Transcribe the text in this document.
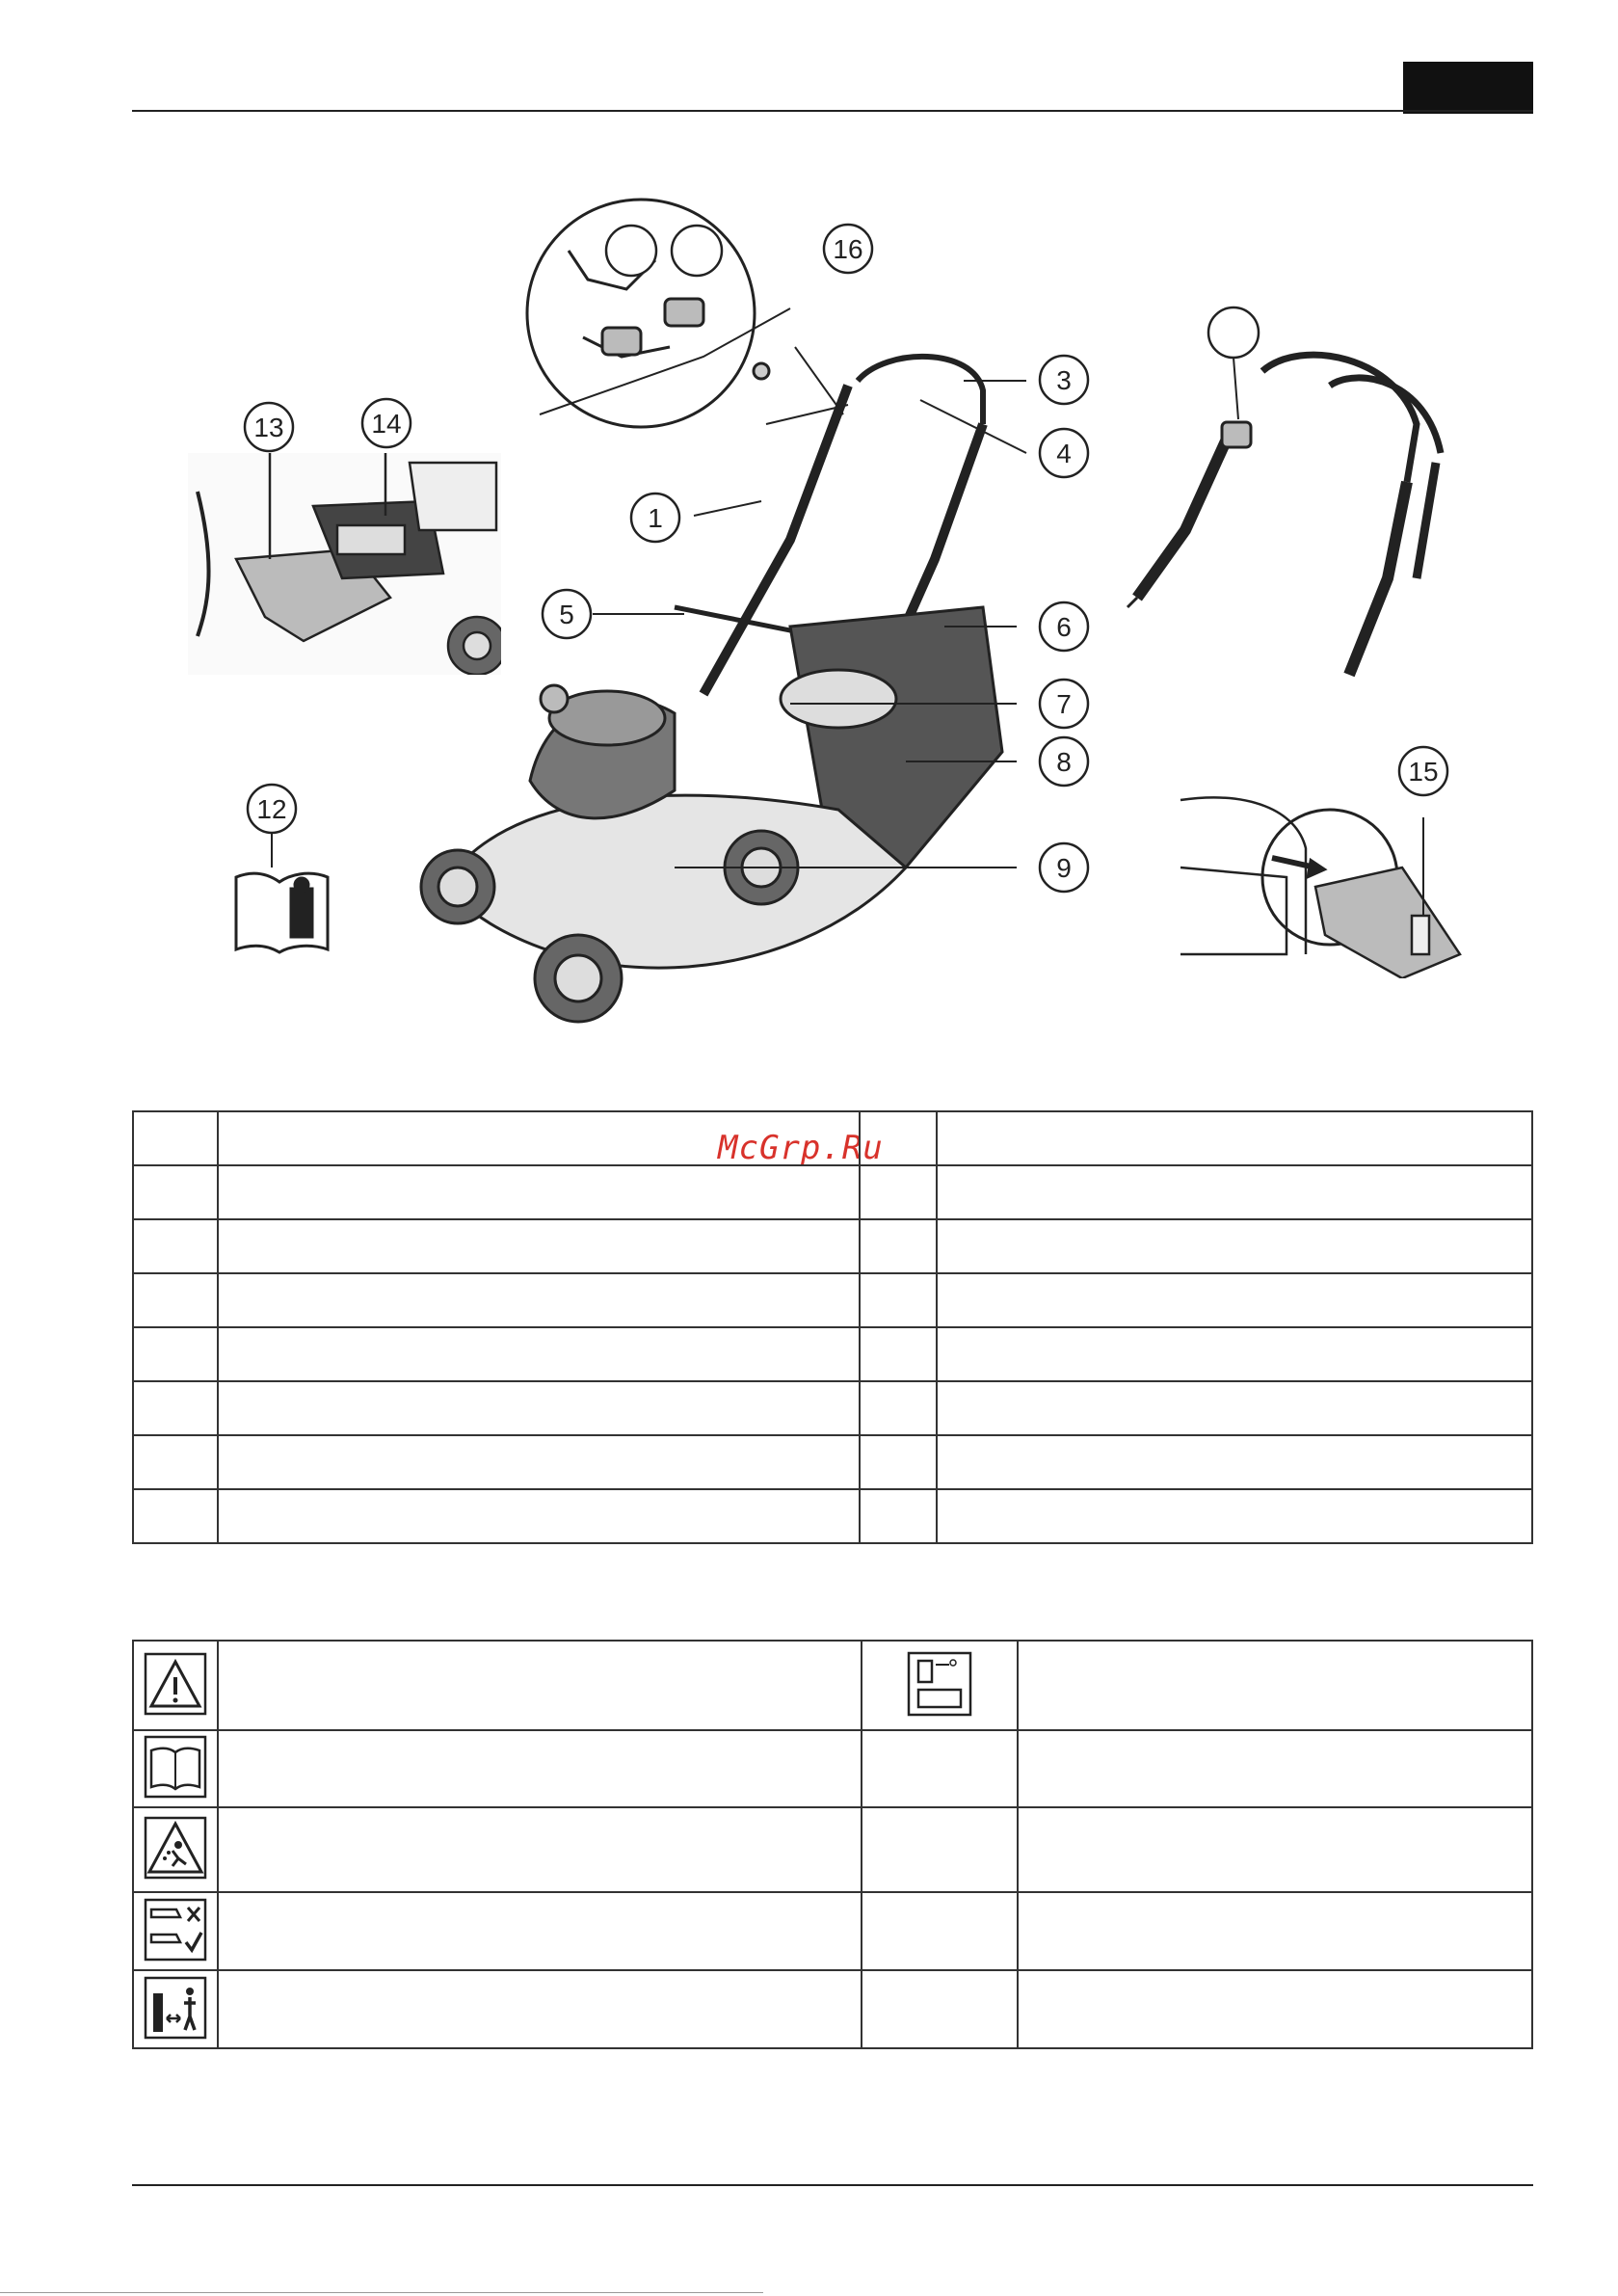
1
3
4
5	6
7
8
9
12
13	14
15
16
McGrp.Ru
